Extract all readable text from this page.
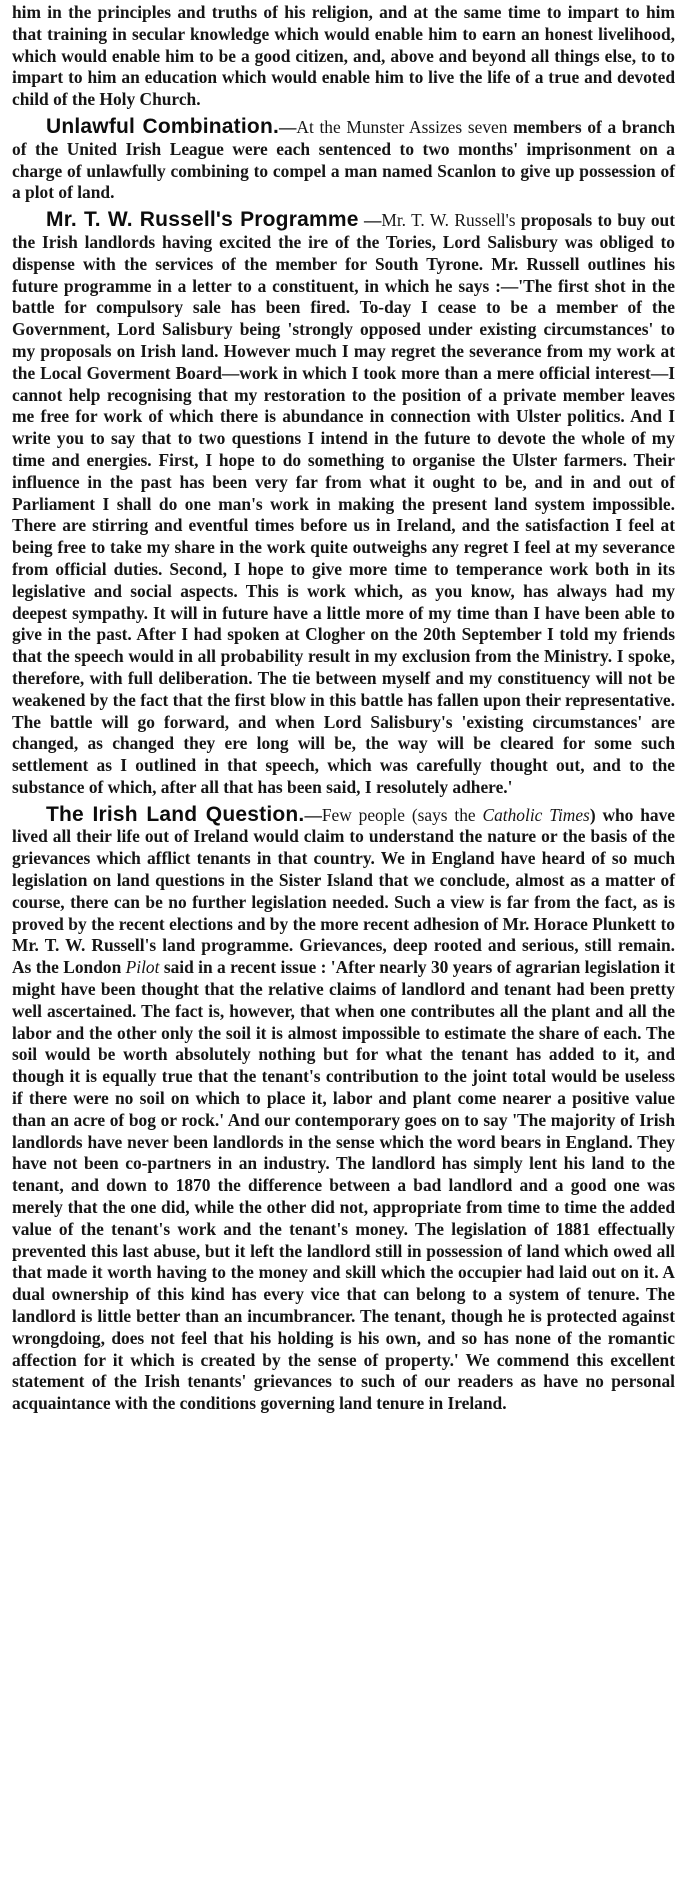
him in the principles and truths of his religion, and at the same time to impart to him that training in secular knowledge which would enable him to earn an honest livelihood, which would enable him to be a good citizen, and, above and beyond all things else, to to impart to him an education which would enable him to live the life of a true and devoted child of the Holy Church.

Unlawful Combination.—At the Munster Assizes seven members of a branch of the United Irish League were each sentenced to two months' imprisonment on a charge of unlawfully combining to compel a man named Scanlon to give up possession of a plot of land.

Mr. T. W. Russell's Programme —Mr. T. W. Russell's proposals to buy out the Irish landlords having excited the ire of the Tories, Lord Salisbury was obliged to dispense with the services of the member for South Tyrone. Mr. Russell outlines his future programme in a letter to a constituent, in which he says :—'The first shot in the battle for compulsory sale has been fired. To-day I cease to be a member of the Government, Lord Salisbury being 'strongly opposed under existing circumstances' to my proposals on Irish land. However much I may regret the severance from my work at the Local Goverment Board—work in which I took more than a mere official interest—I cannot help recognising that my restoration to the position of a private member leaves me free for work of which there is abundance in connection with Ulster politics. And I write you to say that to two questions I intend in the future to devote the whole of my time and energies. First, I hope to do something to organise the Ulster farmers. Their influence in the past has been very far from what it ought to be, and in and out of Parliament I shall do one man's work in making the present land system impossible. There are stirring and eventful times before us in Ireland, and the satisfaction I feel at being free to take my share in the work quite outweighs any regret I feel at my severance from official duties. Second, I hope to give more time to temperance work both in its legislative and social aspects. This is work which, as you know, has always had my deepest sympathy. It will in future have a little more of my time than I have been able to give in the past. After I had spoken at Clogher on the 20th September I told my friends that the speech would in all probability result in my exclusion from the Ministry. I spoke, therefore, with full deliberation. The tie between myself and my constituency will not be weakened by the fact that the first blow in this battle has fallen upon their representative. The battle will go forward, and when Lord Salisbury's 'existing circumstances' are changed, as changed they ere long will be, the way will be cleared for some such settlement as I outlined in that speech, which was carefully thought out, and to the substance of which, after all that has been said, I resolutely adhere.'

The Irish Land Question.—Few people (says the Catholic Times) who have lived all their life out of Ireland would claim to understand the nature or the basis of the grievances which afflict tenants in that country. We in England have heard of so much legislation on land questions in the Sister Island that we conclude, almost as a matter of course, there can be no further legislation needed. Such a view is far from the fact, as is proved by the recent elections and by the more recent adhesion of Mr. Horace Plunkett to Mr. T. W. Russell's land programme. Grievances, deep rooted and serious, still remain. As the London Pilot said in a recent issue : 'After nearly 30 years of agrarian legislation it might have been thought that the relative claims of landlord and tenant had been pretty well ascertained. The fact is, however, that when one contributes all the plant and all the labor and the other only the soil it is almost impossible to estimate the share of each. The soil would be worth absolutely nothing but for what the tenant has added to it, and though it is equally true that the tenant's contribution to the joint total would be useless if there were no soil on which to place it, labor and plant come nearer a positive value than an acre of bog or rock.' And our contemporary goes on to say 'The majority of Irish landlords have never been landlords in the sense which the word bears in England. They have not been co-partners in an industry. The landlord has simply lent his land to the tenant, and down to 1870 the difference between a bad landlord and a good one was merely that the one did, while the other did not, appropriate from time to time the added value of the tenant's work and the tenant's money. The legislation of 1881 effectually prevented this last abuse, but it left the landlord still in possession of land which owed all that made it worth having to the money and skill which the occupier had laid out on it. A dual ownership of this kind has every vice that can belong to a system of tenure. The landlord is little better than an incumbrancer. The tenant, though he is protected against wrongdoing, does not feel that his holding is his own, and so has none of the romantic affection for it which is created by the sense of property.' We commend this excellent statement of the Irish tenants' grievances to such of our readers as have no personal acquaintance with the conditions governing land tenure in Ireland.
